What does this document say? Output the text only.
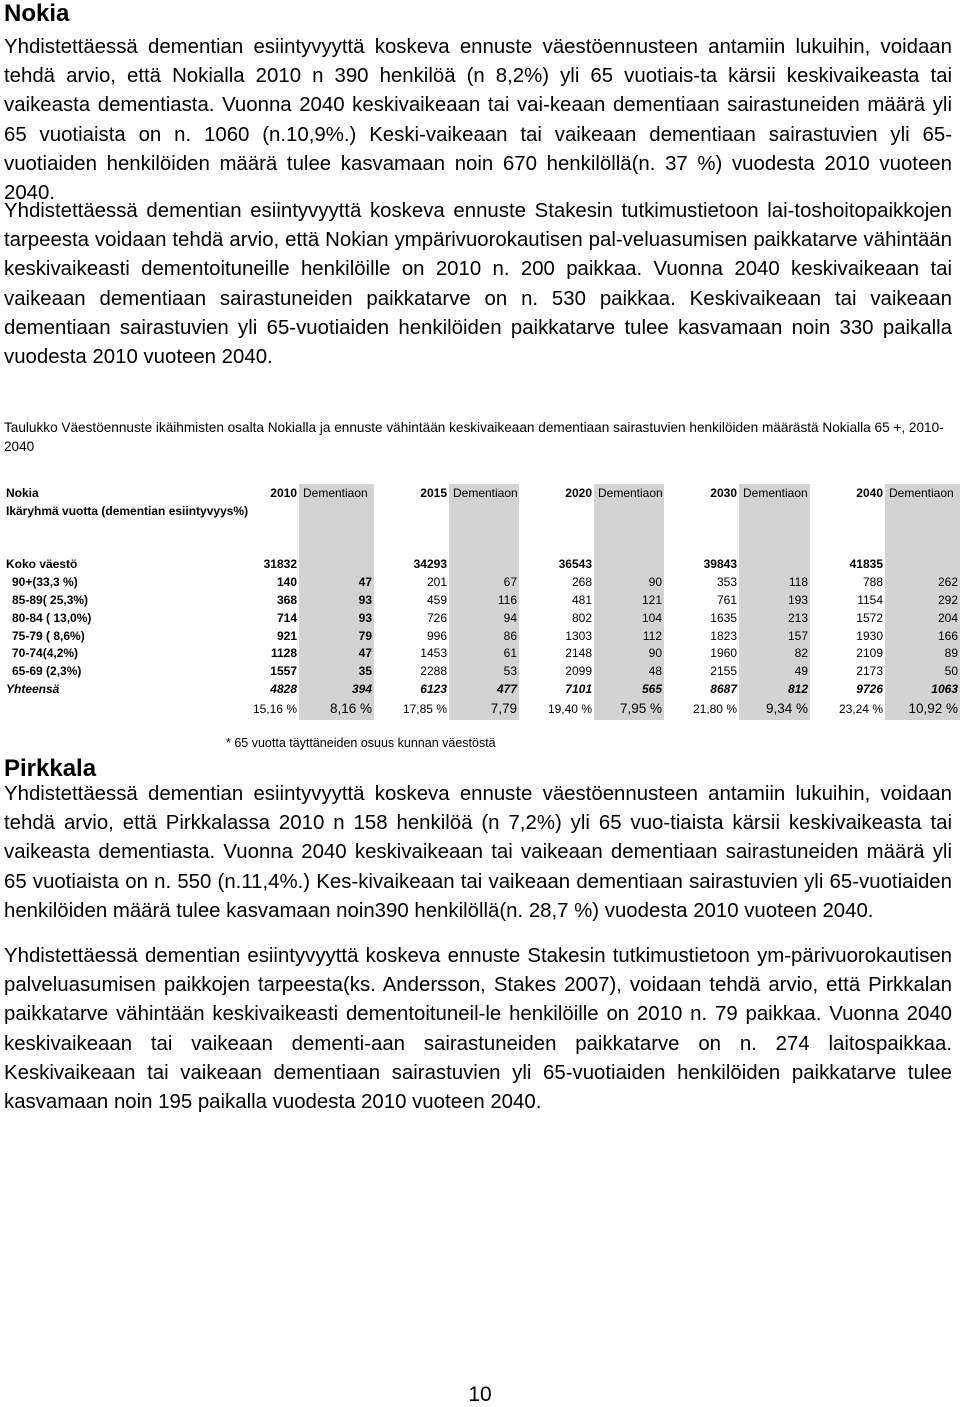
Nokia

Yhdistettäessä dementian esiintyvyyttä koskeva ennuste väestöennusteen antamiin lukuihin, voidaan tehdä arvio, että Nokialla 2010 n 390 henkilöä (n 8,2%) yli 65 vuotiais-ta kärsii keskivaikeasta tai vaikeasta dementiasta. Vuonna 2040 keskivaikeaan tai vai-keaan dementiaan sairastuneiden määrä yli 65 vuotiaista on n. 1060 (n.10,9%.) Keski-vaikeaan tai vaikeaan dementiaan sairastuvien yli 65-vuotiaiden henkilöiden määrä tulee kasvamaan noin 670 henkilöllä(n. 37 %) vuodesta 2010 vuoteen 2040.

Yhdistettäessä dementian esiintyvyyttä koskeva ennuste Stakesin tutkimustietoon lai-toshoitopaikkojen tarpeesta voidaan tehdä arvio, että Nokian ympärivuorokautisen pal-veluasumisen paikkatarve vähintään keskivaikeasti dementoituneille henkilöille on 2010 n. 200 paikkaa. Vuonna 2040 keskivaikeaan tai vaikeaan dementiaan sairastuneiden paikkatarve on n. 530 paikkaa. Keskivaikeaan tai vaikeaan dementiaan sairastuvien yli 65-vuotiaiden henkilöiden paikkatarve tulee kasvamaan noin 330 paikalla vuodesta 2010 vuoteen 2040.

Taulukko Väestöennuste ikäihmisten osalta Nokialla ja ennuste vähintään keskivaikeaan dementiaan sairastuvien henkilöiden määrästä Nokialla 65 +, 2010-2040

Nokia	2010	Dementiaon	2015	Dementiaon	2020	Dementiaon	2030	Dementiaon	2040	Dementiaon
Ikäryhmä vuotta (dementian esiintyvyys%)										

Koko väestö	31832		34293		36543		39843		41835	
90+(33,3 %)	140	47	201	67	268	90	353	118	788	262
85-89( 25,3%)	368	93	459	116	481	121	761	193	1154	292
80-84 ( 13,0%)	714	93	726	94	802	104	1635	213	1572	204
75-79 ( 8,6%)	921	79	996	86	1303	112	1823	157	1930	166
70-74(4,2%)	1128	47	1453	61	2148	90	1960	82	2109	89
65-69 (2,3%)	1557	35	2288	53	2099	48	2155	49	2173	50
Yhteensä	4828	394	6123	477	7101	565	8687	812	9726	1063
	15,16 %	8,16 %	17,85 %	7,79	19,40 %	7,95 %	21,80 %	9,34 %	23,24 %	10,92 %

* 65 vuotta täyttäneiden osuus kunnan väestöstä

Pirkkala

Yhdistettäessä dementian esiintyvyyttä koskeva ennuste väestöennusteen antamiin lukuihin, voidaan tehdä arvio, että Pirkkalassa 2010 n 158 henkilöä (n 7,2%) yli 65 vuo-tiaista kärsii keskivaikeasta tai vaikeasta dementiasta. Vuonna 2040 keskivaikeaan tai vaikeaan dementiaan sairastuneiden määrä yli 65 vuotiaista on n. 550 (n.11,4%.) Kes-kivaikeaan tai vaikeaan dementiaan sairastuvien yli 65-vuotiaiden henkilöiden määrä tulee kasvamaan noin390 henkilöllä(n. 28,7 %) vuodesta 2010 vuoteen 2040.

Yhdistettäessä dementian esiintyvyyttä koskeva ennuste Stakesin tutkimustietoon ym-pärivuorokautisen palveluasumisen paikkojen tarpeesta(ks. Andersson, Stakes 2007), voidaan tehdä arvio, että Pirkkalan paikkatarve vähintään keskivaikeasti dementoituneil-le henkilöille on 2010 n. 79 paikkaa. Vuonna 2040 keskivaikeaan tai vaikeaan dementi-aan sairastuneiden paikkatarve on n. 274 laitospaikkaa. Keskivaikeaan tai vaikeaan dementiaan sairastuvien yli 65-vuotiaiden henkilöiden paikkatarve tulee kasvamaan noin 195 paikalla vuodesta 2010 vuoteen 2040.

10
